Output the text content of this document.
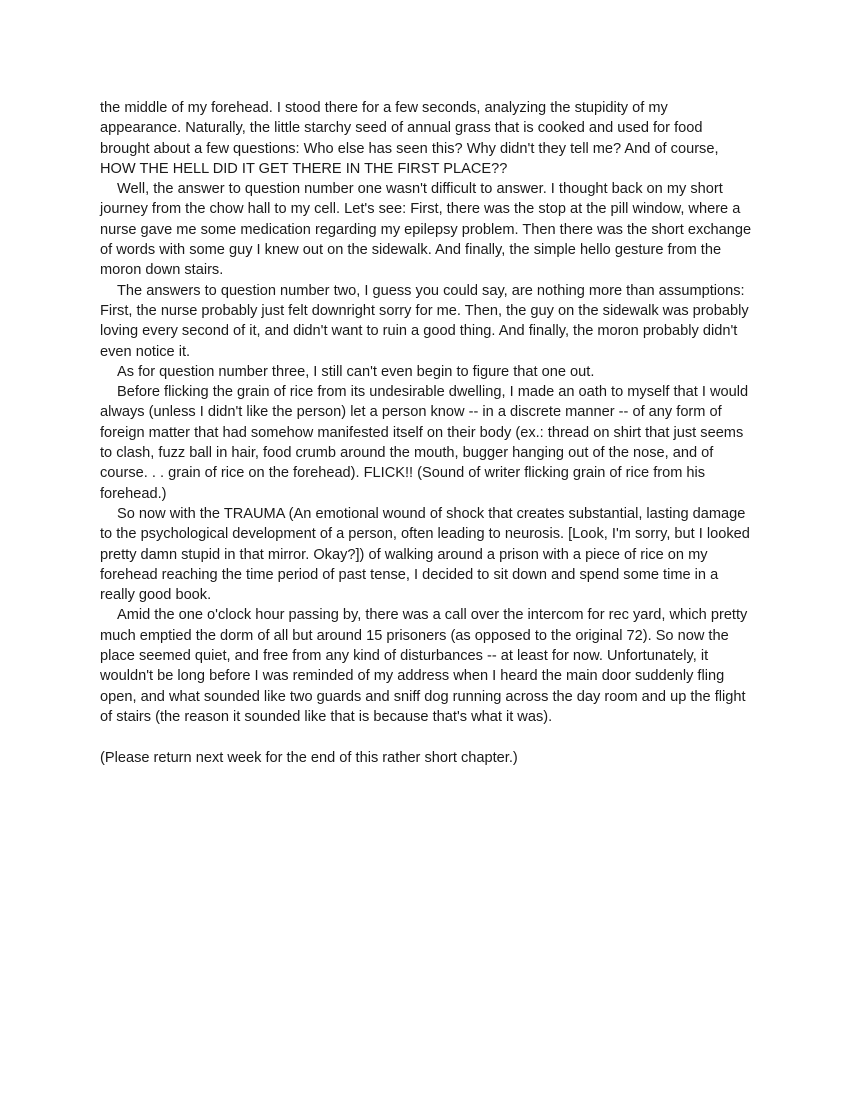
the middle of my forehead. I stood there for a few seconds, analyzing the stupidity of my appearance. Naturally, the little starchy seed of annual grass that is cooked and used for food brought about a few questions: Who else has seen this? Why didn't they tell me? And of course, HOW THE HELL DID IT GET THERE IN THE FIRST PLACE??

Well, the answer to question number one wasn't difficult to answer. I thought back on my short journey from the chow hall to my cell. Let's see: First, there was the stop at the pill window, where a nurse gave me some medication regarding my epilepsy problem. Then there was the short exchange of words with some guy I knew out on the sidewalk. And finally, the simple hello gesture from the moron down stairs.

The answers to question number two, I guess you could say, are nothing more than assumptions: First, the nurse probably just felt downright sorry for me. Then, the guy on the sidewalk was probably loving every second of it, and didn't want to ruin a good thing. And finally, the moron probably didn't even notice it.

As for question number three, I still can't even begin to figure that one out.

Before flicking the grain of rice from its undesirable dwelling, I made an oath to myself that I would always (unless I didn't like the person) let a person know -- in a discrete manner -- of any form of foreign matter that had somehow manifested itself on their body (ex.: thread on shirt that just seems to clash, fuzz ball in hair, food crumb around the mouth, bugger hanging out of the nose, and of course. . . grain of rice on the forehead). FLICK!! (Sound of writer flicking grain of rice from his forehead.)

So now with the TRAUMA (An emotional wound of shock that creates substantial, lasting damage to the psychological development of a person, often leading to neurosis. [Look, I'm sorry, but I looked pretty damn stupid in that mirror. Okay?]) of walking around a prison with a piece of rice on my forehead reaching the time period of past tense, I decided to sit down and spend some time in a really good book.

Amid the one o'clock hour passing by, there was a call over the intercom for rec yard, which pretty much emptied the dorm of all but around 15 prisoners (as opposed to the original 72). So now the place seemed quiet, and free from any kind of disturbances -- at least for now. Unfortunately, it wouldn't be long before I was reminded of my address when I heard the main door suddenly fling open, and what sounded like two guards and sniff dog running across the day room and up the flight of stairs (the reason it sounded like that is because that's what it was).

(Please return next week for the end of this rather short chapter.)
